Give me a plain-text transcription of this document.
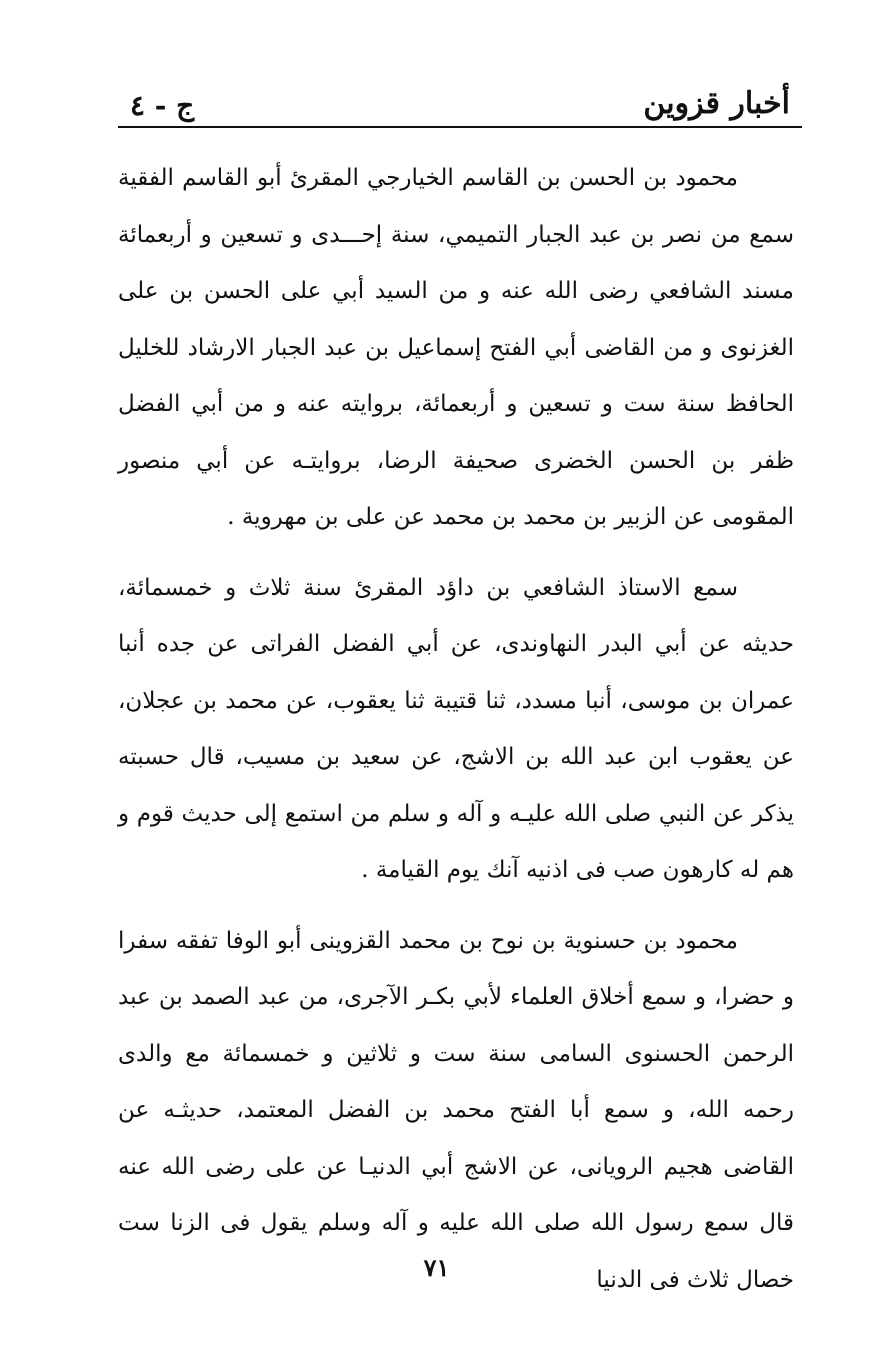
أخبار قزوين
ج - ٤

محمود بن الحسن بن القاسم الخيارجي المقرئ أبو القاسم الفقية سمع من نصر بن عبد الجبار التميمي، سنة إحـــدى و تسعين و أربعمائة مسند الشافعي رضى الله عنه و من السيد أبي على الحسن بن على الغزنوى و من القاضى أبي الفتح إسماعيل بن عبد الجبار الارشاد للخليل الحافظ سنة ست و تسعين و أربعمائة، بروايته عنه و من أبي الفضل ظفر بن الحسن الخضرى صحيفة الرضا، بروايتـه عن أبي منصور المقومى عن الزبير بن محمد بن محمد عن على بن مهروية .

سمع الاستاذ الشافعي بن داؤد المقرئ سنة ثلاث و خمسمائة، حديثه عن أبي البدر النهاوندى، عن أبي الفضل الفراتى عن جده أنبا عمران بن موسى، أنبا مسدد، ثنا قتيبة ثنا يعقوب، عن محمد بن عجلان، عن يعقوب ابن عبد الله بن الاشج، عن سعيد بن مسيب، قال حسبته يذكر عن النبي صلى الله عليـه و آله و سلم من استمع إلى حديث قوم و هم له كارهون صب فى اذنيه آنك يوم القيامة .

محمود بن حسنوية بن نوح بن محمد القزوينى أبو الوفا تفقه سفرا و حضرا، و سمع أخلاق العلماء لأبي بكـر الآجرى، من عبد الصمد بن عبد الرحمن الحسنوى السامى سنة ست و ثلاثين و خمسمائة مع والدى رحمه الله، و سمع أبا الفتح محمد بن الفضل المعتمد، حديثـه عن القاضى هجيم الرويانى، عن الاشج أبي الدنيـا عن على رضى الله عنه قال سمع رسول الله صلى الله عليه و آله وسلم يقول فى الزنا ست خصال ثلاث فى الدنيا

٧١
